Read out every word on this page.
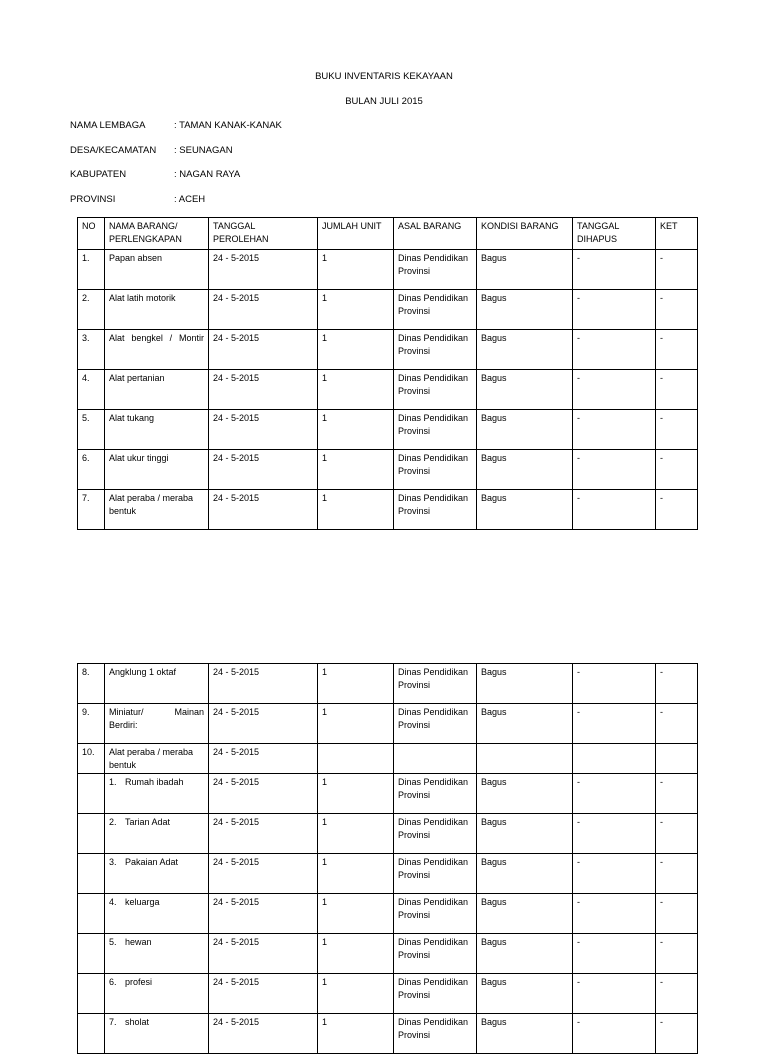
BUKU INVENTARIS KEKAYAAN
BULAN JULI 2015
NAMA LEMBAGA	: TAMAN KANAK-KANAK
DESA/KECAMATAN : SEUNAGAN
KABUPATEN	: NAGAN RAYA
PROVINSI	: ACEH
NO	NAMA BARANG/ PERLENGKAPAN	TANGGAL PEROLEHAN	JUMLAH UNIT	ASAL BARANG	KONDISI BARANG	TANGGAL DIHAPUS	KET
1.	Papan absen	24 - 5-2015	1	Dinas Pendidikan Provinsi	Bagus	-	-
2.	Alat latih motorik	24 - 5-2015	1	Dinas Pendidikan Provinsi	Bagus	-	-
3.	Alat bengkel / Montir	24 - 5-2015	1	Dinas Pendidikan Provinsi	Bagus	-	-
4.	Alat pertanian	24 - 5-2015	1	Dinas Pendidikan Provinsi	Bagus	-	-
5.	Alat tukang	24 - 5-2015	1	Dinas Pendidikan Provinsi	Bagus	-	-
6.	Alat ukur tinggi	24 - 5-2015	1	Dinas Pendidikan Provinsi	Bagus	-	-
7.	Alat peraba / meraba bentuk	24 - 5-2015	1	Dinas Pendidikan Provinsi	Bagus	-	-
8.	Angklung 1 oktaf	24 - 5-2015	1	Dinas Pendidikan Provinsi	Bagus	-	-
9.	Miniatur/ Mainan Berdiri:	24 - 5-2015	1	Dinas Pendidikan Provinsi	Bagus	-	-
10.	Alat peraba / meraba bentuk	24 - 5-2015					
	1. Rumah ibadah	24 - 5-2015	1	Dinas Pendidikan Provinsi	Bagus	-	-
	2. Tarian Adat	24 - 5-2015	1	Dinas Pendidikan Provinsi	Bagus	-	-
	3. Pakaian Adat	24 - 5-2015	1	Dinas Pendidikan Provinsi	Bagus	-	-
	4. keluarga	24 - 5-2015	1	Dinas Pendidikan Provinsi	Bagus	-	-
	5. hewan	24 - 5-2015	1	Dinas Pendidikan Provinsi	Bagus	-	-
	6. profesi	24 - 5-2015	1	Dinas Pendidikan Provinsi	Bagus	-	-
	7. sholat	24 - 5-2015	1	Dinas Pendidikan Provinsi	Bagus	-	-
